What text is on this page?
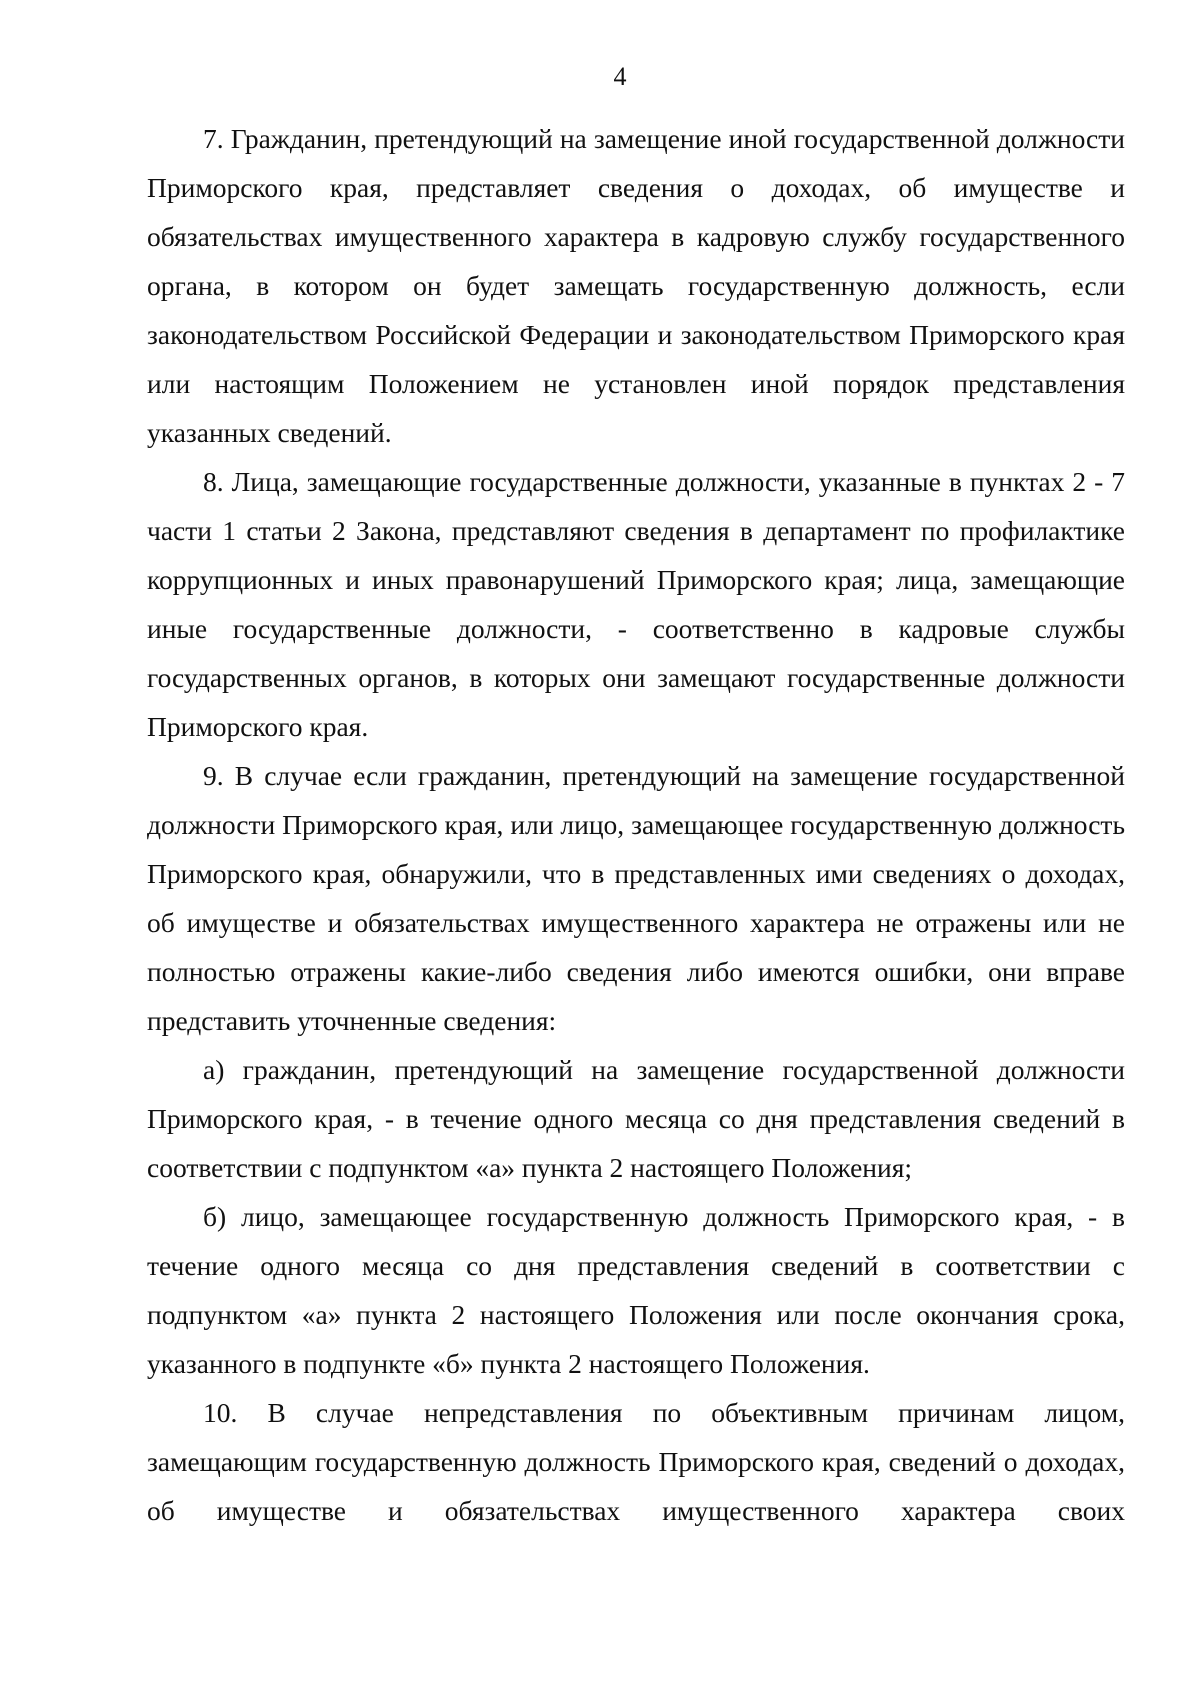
4

7. Гражданин, претендующий на замещение иной государственной должности Приморского края, представляет сведения о доходах, об имуществе и обязательствах имущественного характера в кадровую службу государственного органа, в котором он будет замещать государственную должность, если законодательством Российской Федерации и законодательством Приморского края или настоящим Положением не установлен иной порядок представления указанных сведений.

8. Лица, замещающие государственные должности, указанные в пунктах 2 - 7 части 1 статьи 2 Закона, представляют сведения в департамент по профилактике коррупционных и иных правонарушений Приморского края; лица, замещающие иные государственные должности, - соответственно в кадровые службы государственных органов, в которых они замещают государственные должности Приморского края.

9. В случае если гражданин, претендующий на замещение государственной должности Приморского края, или лицо, замещающее государственную должность Приморского края, обнаружили, что в представленных ими сведениях о доходах, об имуществе и обязательствах имущественного характера не отражены или не полностью отражены какие-либо сведения либо имеются ошибки, они вправе представить уточненные сведения:

а) гражданин, претендующий на замещение государственной должности Приморского края, - в течение одного месяца со дня представления сведений в соответствии с подпунктом «а» пункта 2 настоящего Положения;

б) лицо, замещающее государственную должность Приморского края, - в течение одного месяца со дня представления сведений в соответствии с подпунктом «а» пункта 2 настоящего Положения или после окончания срока, указанного в подпункте «б» пункта 2 настоящего Положения.

10. В случае непредставления по объективным причинам лицом, замещающим государственную должность Приморского края, сведений о доходах, об имуществе и обязательствах имущественного характера своих
